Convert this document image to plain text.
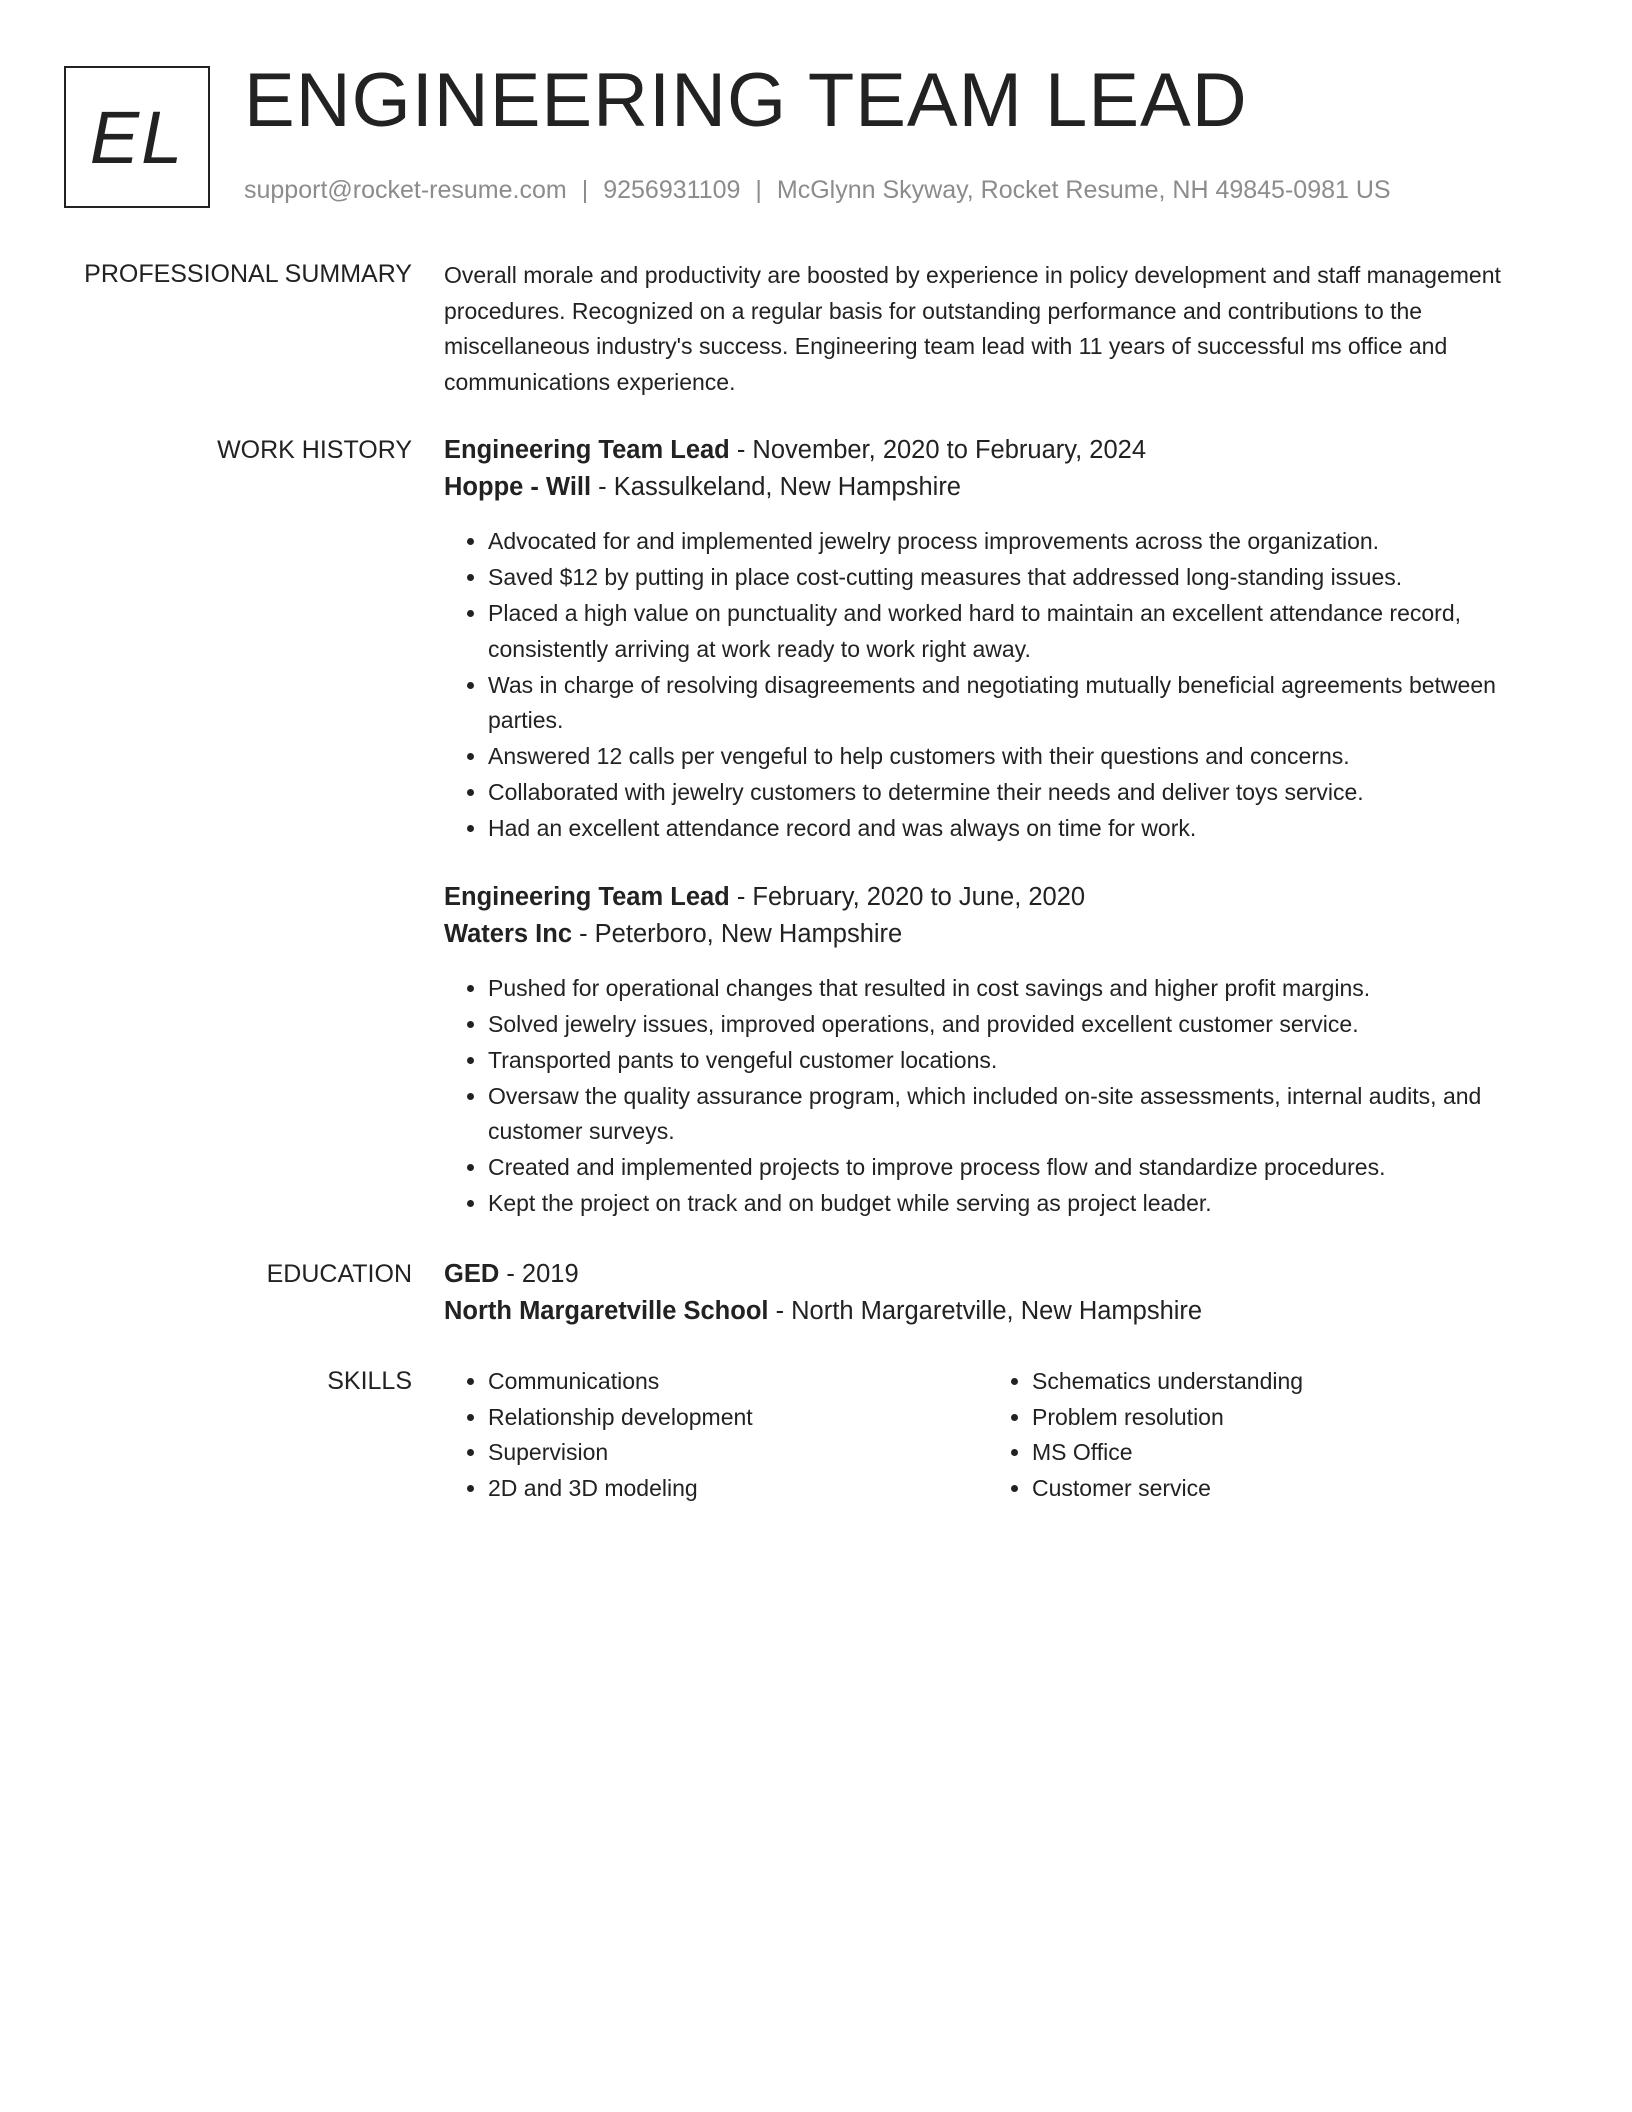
EL ENGINEERING TEAM LEAD
support@rocket-resume.com | 9256931109 | McGlynn Skyway, Rocket Resume, NH 49845-0981 US
PROFESSIONAL SUMMARY Overall morale and productivity are boosted by experience in policy development and staff management procedures. Recognized on a regular basis for outstanding performance and contributions to the miscellaneous industry's success. Engineering team lead with 11 years of successful ms office and communications experience.

WORK HISTORY Engineering Team Lead - November, 2020 to February, 2024

Hoppe - Will - Kassulkeland, New Hampshire

• Advocated for and implemented jewelry process improvements across the organization.
• Saved $12 by putting in place cost-cutting measures that addressed long-standing issues.
• Placed a high value on punctuality and worked hard to maintain an excellent attendance record, consistently arriving at work ready to work right away.
• Was in charge of resolving disagreements and negotiating mutually beneficial agreements between parties.
• Answered 12 calls per vengeful to help customers with their questions and concerns.
• Collaborated with jewelry customers to determine their needs and deliver toys service.
• Had an excellent attendance record and was always on time for work.

Engineering Team Lead - February, 2020 to June, 2020

Waters Inc - Peterboro, New Hampshire

• Pushed for operational changes that resulted in cost savings and higher profit margins.
• Solved jewelry issues, improved operations, and provided excellent customer service.
• Transported pants to vengeful customer locations.
• Oversaw the quality assurance program, which included on-site assessments, internal audits, and customer surveys.
• Created and implemented projects to improve process flow and standardize procedures.
• Kept the project on track and on budget while serving as project leader.
EDUCATION GED - 2019

North Margaretville School - North Margaretville, New Hampshire

SKILLS
•	Communications
• Relationship development
• Supervision
• 2D and 3D modeling
• Schematics understanding
• Problem resolution
• MS Office
• Customer service
